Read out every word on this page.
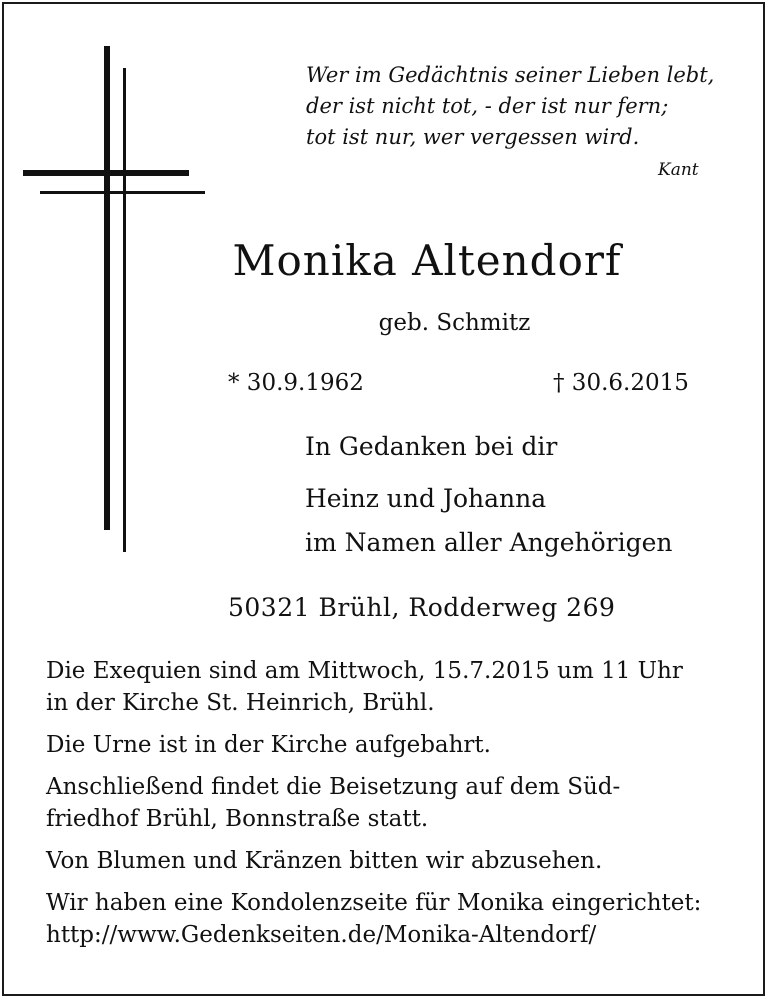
Wer im Gedächtnis seiner Lieben lebt,
der ist nicht tot, - der ist nur fern;
tot ist nur, wer vergessen wird.
Kant
Monika Altendorf
geb. Schmitz
* 30.9.1962	† 30.6.2015
In Gedanken bei dir
Heinz und Johanna
im Namen aller Angehörigen
50321 Brühl, Rodderweg 269
Die Exequien sind am Mittwoch, 15.7.2015 um 11 Uhr
in der Kirche St. Heinrich, Brühl.
Die Urne ist in der Kirche aufgebahrt.
Anschließend findet die Beisetzung auf dem Süd-
friedhof Brühl, Bonnstraße statt.
Von Blumen und Kränzen bitten wir abzusehen.
Wir haben eine Kondolenzseite für Monika eingerichtet:
http://www.Gedenkseiten.de/Monika-Altendorf/
